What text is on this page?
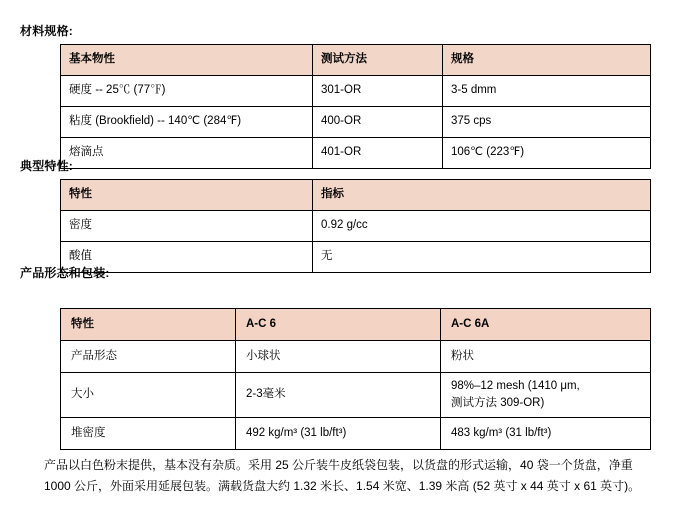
材料规格:
基本物性	测试方法	规格
硬度 -- 25℃ (77℉)	301-OR	3-5 dmm
粘度 (Brookfield) -- 140℃ (284℉)	400-OR	375 cps
熔滴点	401-OR	106℃ (223℉)
典型特性:
特性	指标
密度	0.92 g/cc
酸值	无
产品形态和包装:
特性	A-C 6	A-C 6A
产品形态	小球状	粉状
大小	2-3毫米	98%–12 mesh (1410 μm,
测试方法 309-OR)

堆密度	492 kg/m³ (31 lb/ft³)	483 kg/m³ (31 lb/ft³)
产品以白色粉末提供，基本没有杂质。采用 25 公斤装牛皮纸袋包装，以货盘的形式运输，40 袋一个货盘，净重
1000 公斤，外面采用延展包装。满载货盘大约 1.32 米长、1.54 米宽、1.39 米高 (52 英寸 x 44 英寸 x 61 英寸)。
